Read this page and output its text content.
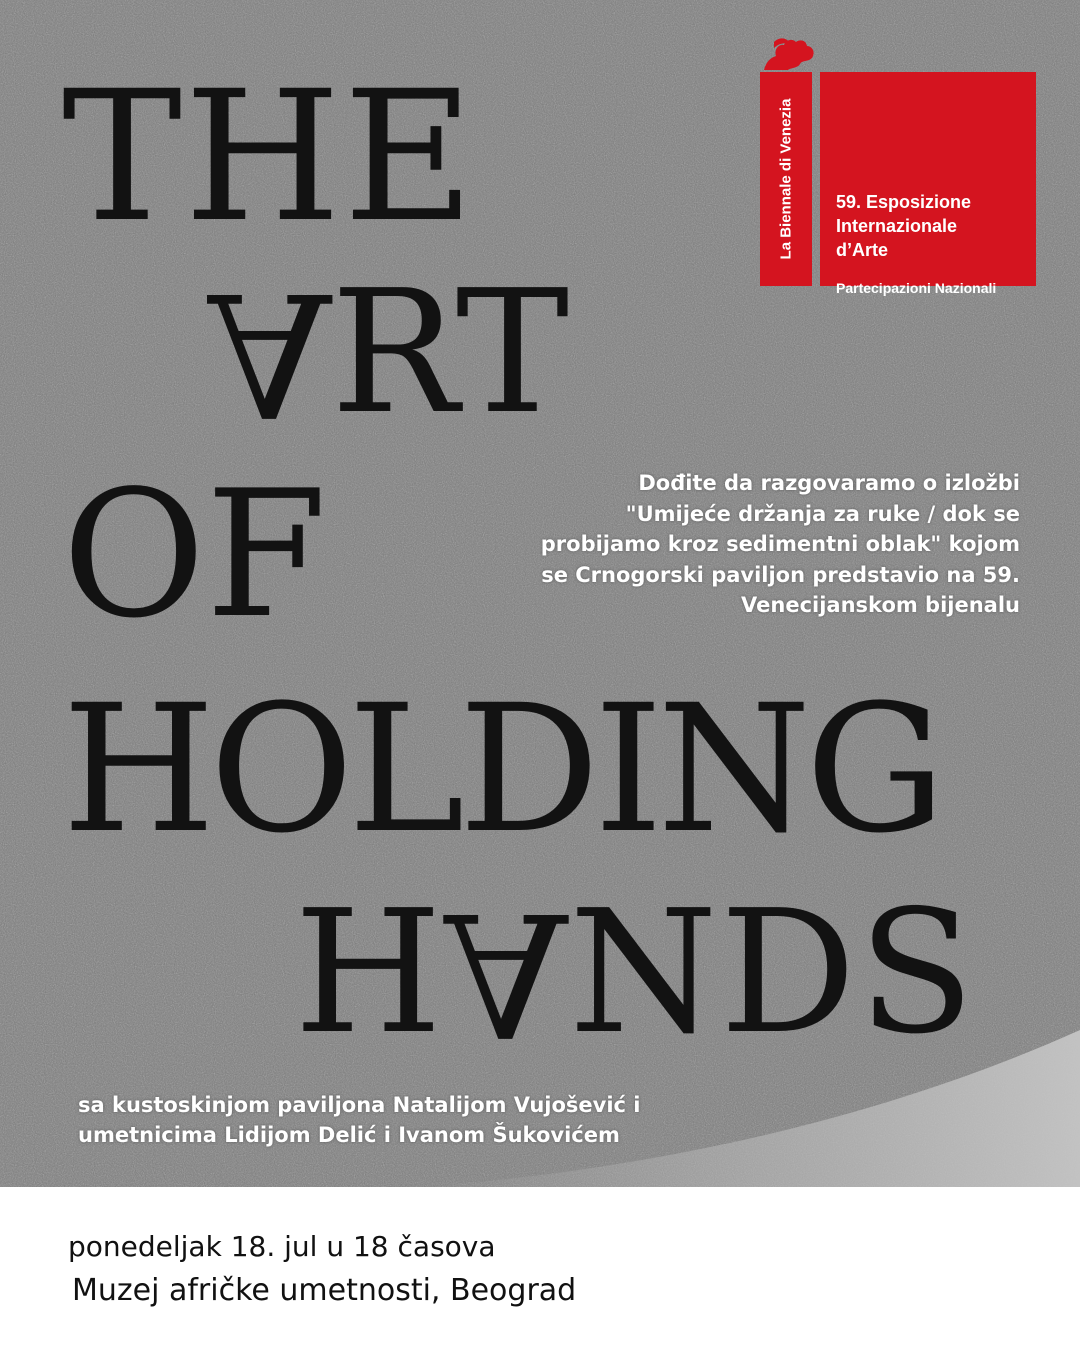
THE
ART
OF
HOLDING
HANDS
La Biennale di Venezia 59. Esposizione
Internazionale
d’Arte
Partecipazioni Nazionali
Dođite da razgovaramo o izložbi
"Umijeće držanja za ruke / dok se
probijamo kroz sedimentni oblak" kojom
se Crnogorski paviljon predstavio na 59.
Venecijanskom bijenalu
sa kustoskinjom paviljona Natalijom Vujošević i
umetnicima Lidijom Delić i Ivanom Šukovićem

ponedeljak 18. jul u 18 časova

Muzej afričke umetnosti, Beograd
